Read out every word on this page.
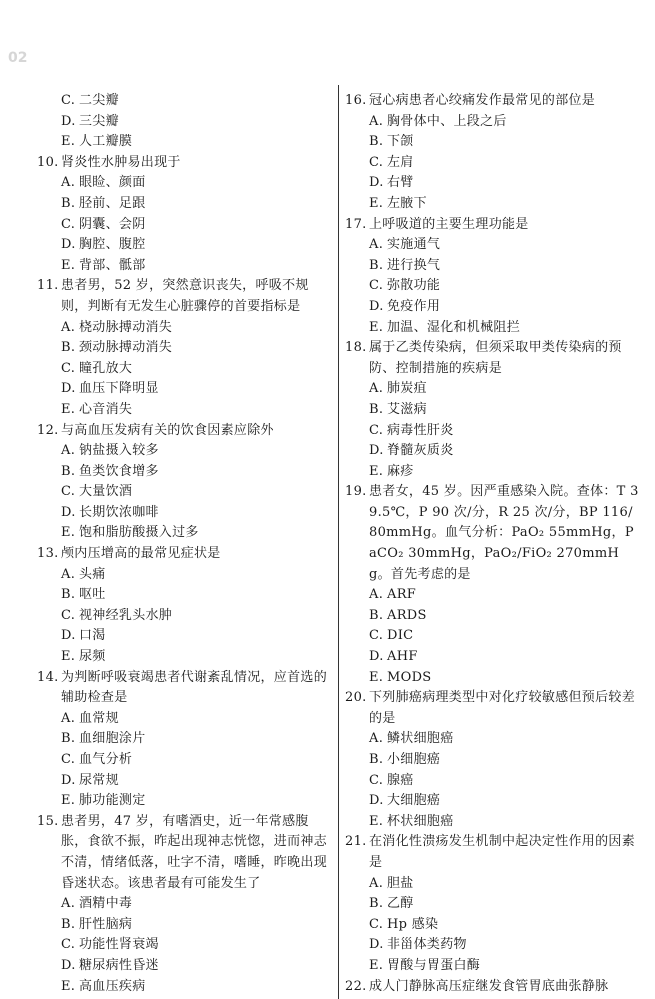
02
C. 二尖瓣
D. 三尖瓣
E. 人工瓣膜
10. 肾炎性水肿易出现于
A. 眼睑、颜面
B. 胫前、足跟
C. 阴囊、会阴
D. 胸腔、腹腔
E. 背部、骶部
11. 患者男，52 岁，突然意识丧失，呼吸不规则，判断有无发生心脏骤停的首要指标是
A. 桡动脉搏动消失
B. 颈动脉搏动消失
C. 瞳孔放大
D. 血压下降明显
E. 心音消失
12. 与高血压发病有关的饮食因素应除外
A. 钠盐摄入较多
B. 鱼类饮食增多
C. 大量饮酒
D. 长期饮浓咖啡
E. 饱和脂肪酸摄入过多
13. 颅内压增高的最常见症状是
A. 头痛
B. 呕吐
C. 视神经乳头水肿
D. 口渴
E. 尿频
14. 为判断呼吸衰竭患者代谢紊乱情况，应首选的辅助检查是
A. 血常规
B. 血细胞涂片
C. 血气分析
D. 尿常规
E. 肺功能测定
15. 患者男，47 岁，有嗜酒史，近一年常感腹胀，食欲不振，昨起出现神志恍惚，进而神志不清，情绪低落，吐字不清，嗜睡，昨晚出现昏迷状态。该患者最有可能发生了
A. 酒精中毒
B. 肝性脑病
C. 功能性肾衰竭
D. 糖尿病性昏迷
E. 高血压疾病
16. 冠心病患者心绞痛发作最常见的部位是
A. 胸骨体中、上段之后
B. 下颌
C. 左肩
D. 右臂
E. 左腋下
17. 上呼吸道的主要生理功能是
A. 实施通气
B. 进行换气
C. 弥散功能
D. 免疫作用
E. 加温、湿化和机械阻拦
18. 属于乙类传染病，但须采取甲类传染病的预防、控制措施的疾病是
A. 肺炭疽
B. 艾滋病
C. 病毒性肝炎
D. 脊髓灰质炎
E. 麻疹
19. 患者女，45 岁。因严重感染入院。查体：T 39.5℃，P 90 次/分，R 25 次/分，BP 116/80mmHg。血气分析：PaO₂ 55mmHg，PaCO₂ 30mmHg，PaO₂/FiO₂ 270mmHg。首先考虑的是
A. ARF
B. ARDS
C. DIC
D. AHF
E. MODS
20. 下列肺癌病理类型中对化疗较敏感但预后较差的是
A. 鳞状细胞癌
B. 小细胞癌
C. 腺癌
D. 大细胞癌
E. 杯状细胞癌
21. 在消化性溃疡发生机制中起决定性作用的因素是
A. 胆盐
B. 乙醇
C. Hp 感染
D. 非甾体类药物
E. 胃酸与胃蛋白酶
22. 成人门静脉高压症继发食管胃底曲张静脉
